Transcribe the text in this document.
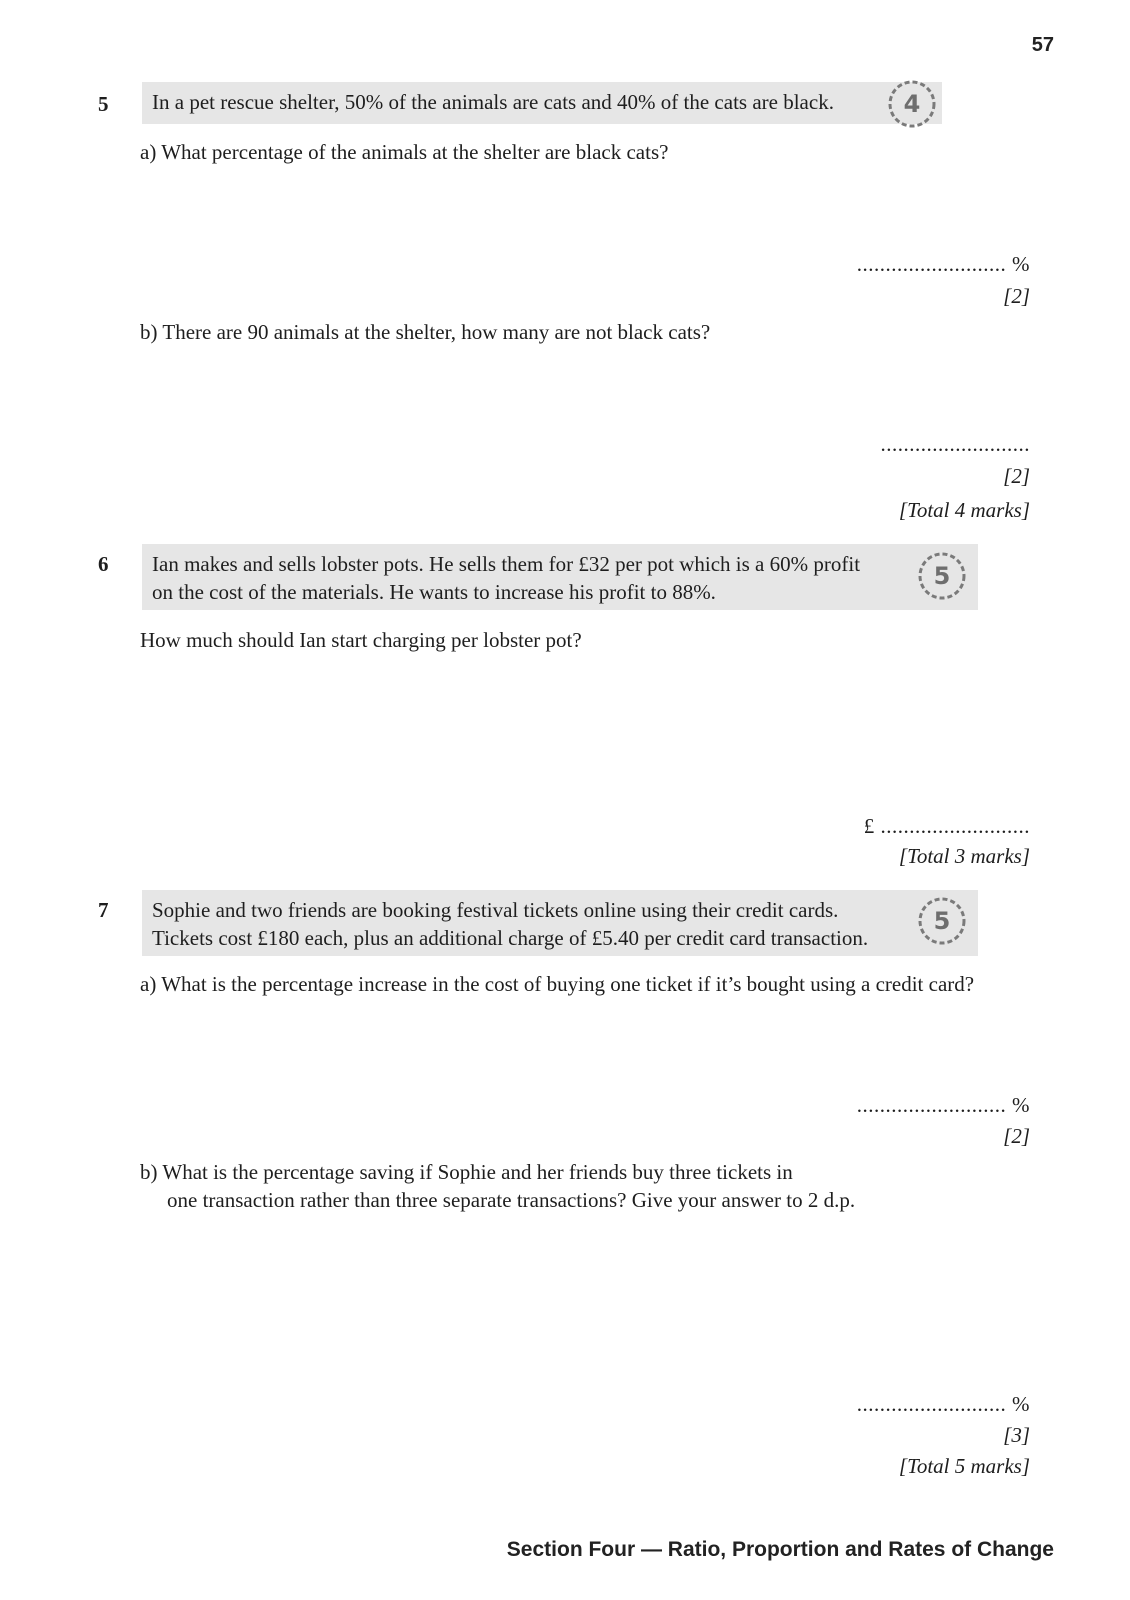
57
5	In a pet rescue shelter, 50% of the animals are cats and 40% of the cats are black.	4
a) What percentage of the animals at the shelter are black cats?
.......................... %
[2]
b) There are 90 animals at the shelter, how many are not black cats?
..........................
[2]
[Total 4 marks]
6 Ian makes and sells lobster pots. He sells them for £32 per pot which is a 60% profit
on the cost of the materials. He wants to increase his profit to 88%.
5
How much should Ian start charging per lobster pot?
£ ..........................
[Total 3 marks]
7 Sophie and two friends are booking festival tickets online using their credit cards.
Tickets cost £180 each, plus an additional charge of £5.40 per credit card transaction.
5
a) What is the percentage increase in the cost of buying one ticket if it’s bought using a credit card?
.......................... %
[2]
b) What is the percentage saving if Sophie and her friends buy three tickets in
one transaction rather than three separate transactions? Give your answer to 2 d.p.
.......................... %
[3]
[Total 5 marks]
Section Four — Ratio, Proportion and Rates of Change
